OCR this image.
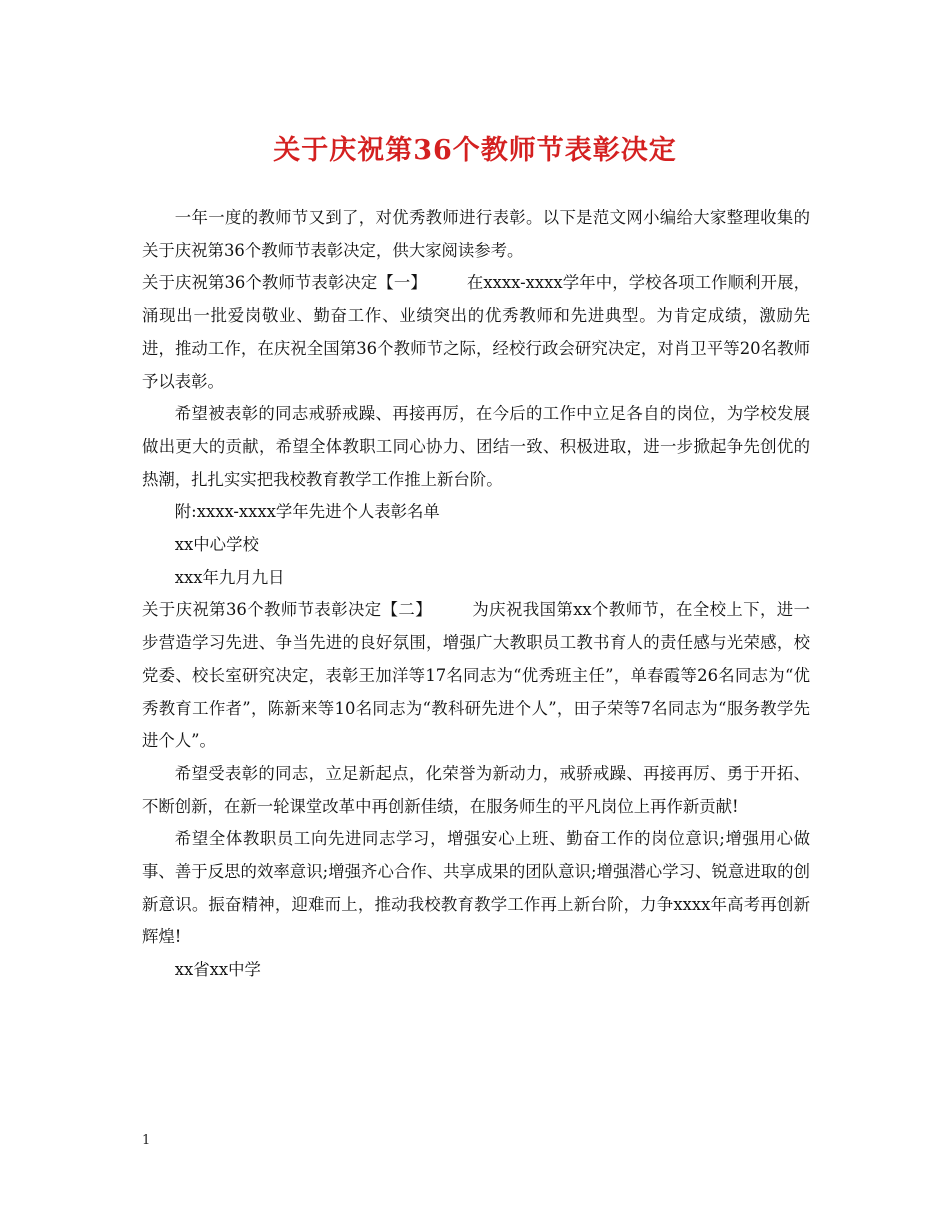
关于庆祝第36个教师节表彰决定

一年一度的教师节又到了，对优秀教师进行表彰。以下是范文网小编给大家整理收集的关于庆祝第36个教师节表彰决定，供大家阅读参考。

关于庆祝第36个教师节表彰决定【一】 在xxxx-xxxx学年中，学校各项工作顺利开展，涌现出一批爱岗敬业、勤奋工作、业绩突出的优秀教师和先进典型。为肯定成绩，激励先进，推动工作，在庆祝全国第36个教师节之际，经校行政会研究决定，对肖卫平等20名教师予以表彰。

希望被表彰的同志戒骄戒躁、再接再厉，在今后的工作中立足各自的岗位，为学校发展做出更大的贡献，希望全体教职工同心协力、团结一致、积极进取，进一步掀起争先创优的热潮，扎扎实实把我校教育教学工作推上新台阶。

附:xxxx-xxxx学年先进个人表彰名单

xx中心学校

xxx年九月九日

关于庆祝第36个教师节表彰决定【二】 为庆祝我国第xx个教师节，在全校上下，进一步营造学习先进、争当先进的良好氛围，增强广大教职员工教书育人的责任感与光荣感，校党委、校长室研究决定，表彰王加洋等17名同志为“优秀班主任”，单春霞等26名同志为“优秀教育工作者”，陈新来等10名同志为“教科研先进个人”，田子荣等7名同志为“服务教学先进个人”。

希望受表彰的同志，立足新起点，化荣誉为新动力，戒骄戒躁、再接再厉、勇于开拓、不断创新，在新一轮课堂改革中再创新佳绩，在服务师生的平凡岗位上再作新贡献!

希望全体教职员工向先进同志学习，增强安心上班、勤奋工作的岗位意识;增强用心做事、善于反思的效率意识;增强齐心合作、共享成果的团队意识;增强潜心学习、锐意进取的创新意识。振奋精神，迎难而上，推动我校教育教学工作再上新台阶，力争xxxx年高考再创新辉煌!

xx省xx中学

1
